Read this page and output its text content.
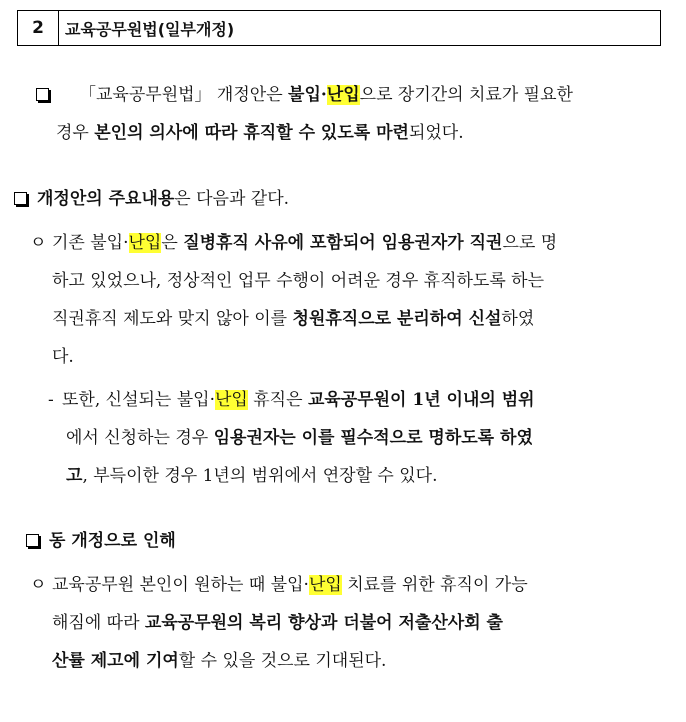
2	교육공무원법(일부개정)
「교육공무원법」 개정안은 불입·난입으로 장기간의 치료가 필요한
경우 본인의 의사에 따라 휴직할 수 있도록 마련되었다.
개정안의 주요내용은 다음과 같다.
ㅇ 기존 불입·난입은 질병휴직 사유에 포함되어 임용권자가 직권으로 명
하고 있었으나, 정상적인 업무 수행이 어려운 경우 휴직하도록 하는
직권휴직 제도와 맞지 않아 이를 청원휴직으로 분리하여 신설하였
다.
- 또한, 신설되는 불입·난입 휴직은 교육공무원이 1년 이내의 범위
에서 신청하는 경우 임용권자는 이를 필수적으로 명하도록 하였
고, 부득이한 경우 1년의 범위에서 연장할 수 있다.
동 개정으로 인해
ㅇ 교육공무원 본인이 원하는 때 불입·난입 치료를 위한 휴직이 가능
해짐에 따라 교육공무원의 복리 향상과 더불어 저출산사회 출
산률 제고에 기여할 수 있을 것으로 기대된다.
